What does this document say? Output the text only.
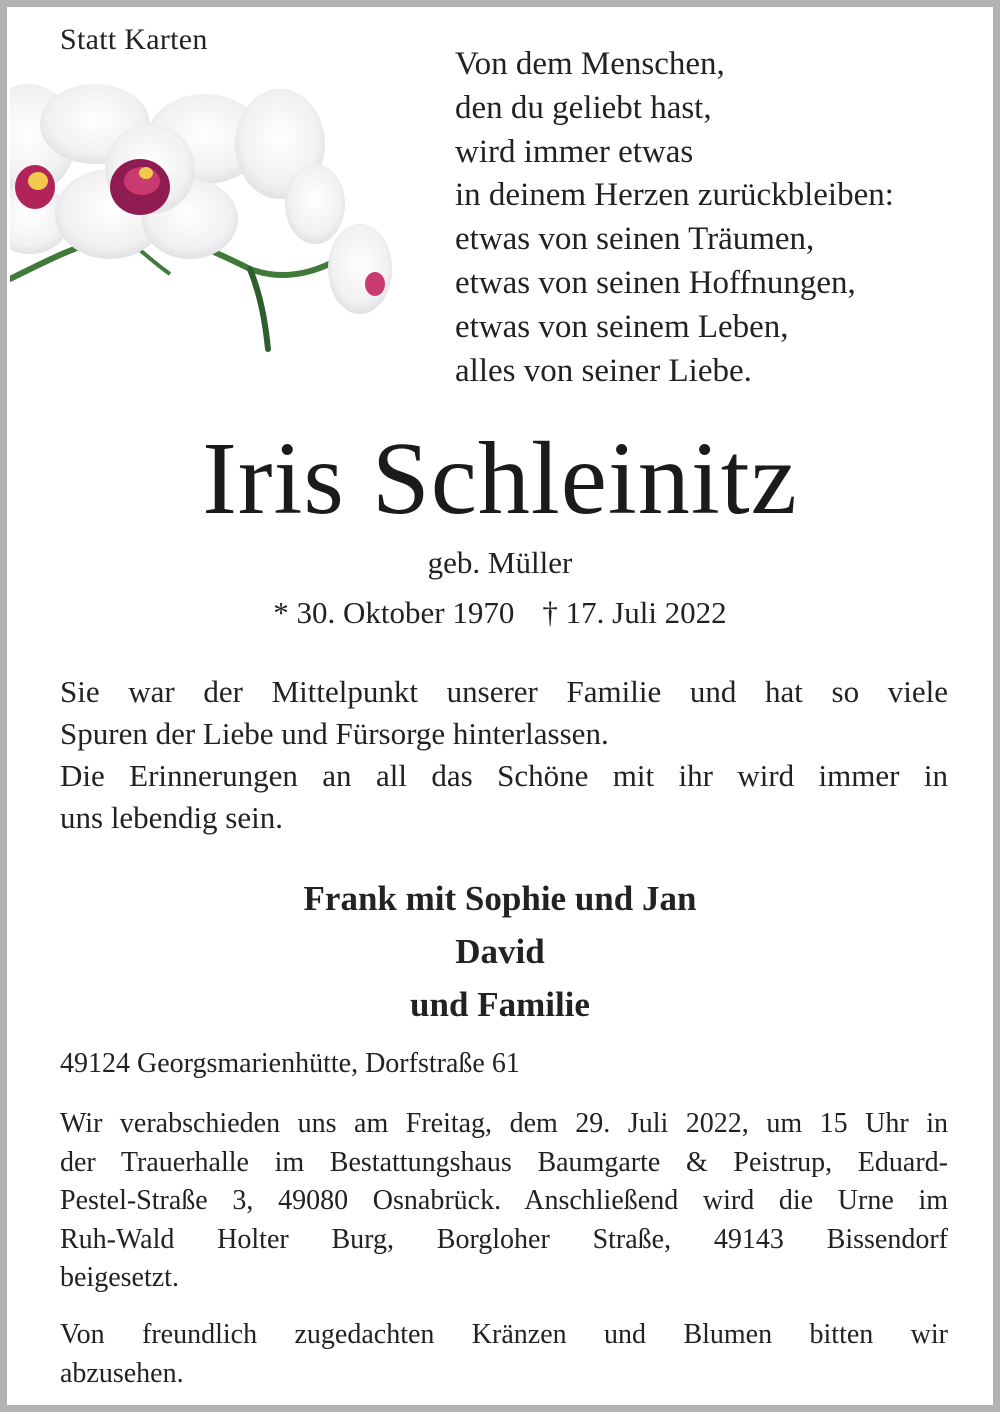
Statt Karten
Von dem Menschen,
den du geliebt hast,
wird immer etwas
in deinem Herzen zurückbleiben:
etwas von seinen Träumen,
etwas von seinen Hoffnungen,
etwas von seinem Leben,
alles von seiner Liebe.
Iris Schleinitz
geb. Müller
* 30. Oktober 1970 † 17. Juli 2022
Sie war der Mittelpunkt unserer Familie und hat so viele
Spuren der Liebe und Fürsorge hinterlassen.
Die Erinnerungen an all das Schöne mit ihr wird immer in
uns lebendig sein.
Frank mit Sophie und Jan
David
und Familie
49124 Georgsmarienhütte, Dorfstraße 61
Wir verabschieden uns am Freitag, dem 29. Juli 2022, um 15 Uhr in
der Trauerhalle im Bestattungshaus Baumgarte & Peistrup, Eduard-
Pestel-Straße 3, 49080 Osnabrück. Anschließend wird die Urne im
Ruh-Wald Holter Burg, Borgloher Straße, 49143 Bissendorf
beigesetzt.
Von freundlich zugedachten Kränzen und Blumen bitten wir
abzusehen.
